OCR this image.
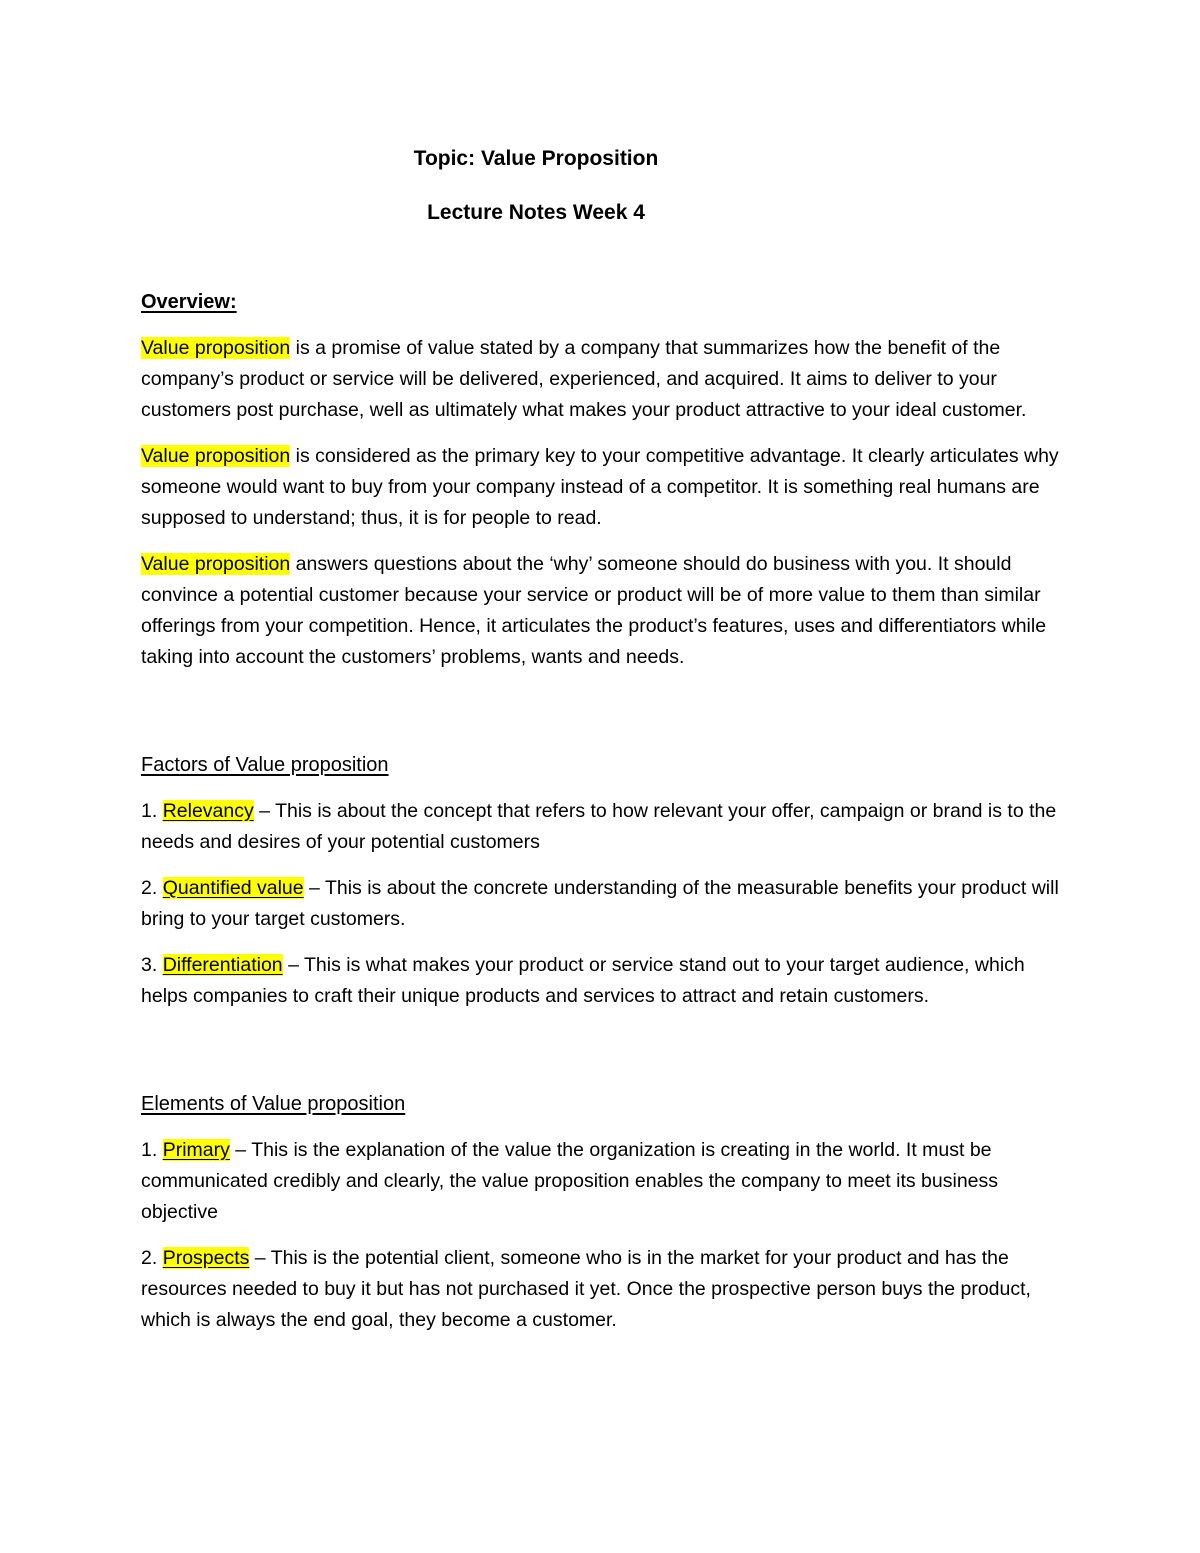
Topic: Value Proposition

Lecture Notes Week 4

Overview:

Value proposition is a promise of value stated by a company that summarizes how the benefit of the company’s product or service will be delivered, experienced, and acquired. It aims to deliver to your customers post purchase, well as ultimately what makes your product attractive to your ideal customer.

Value proposition is considered as the primary key to your competitive advantage. It clearly articulates why someone would want to buy from your company instead of a competitor. It is something real humans are supposed to understand; thus, it is for people to read.

Value proposition answers questions about the ‘why’ someone should do business with you. It should convince a potential customer because your service or product will be of more value to them than similar offerings from your competition. Hence, it articulates the product’s features, uses and differentiators while taking into account the customers’ problems, wants and needs.

Factors of Value proposition

1. Relevancy – This is about the concept that refers to how relevant your offer, campaign or brand is to the needs and desires of your potential customers

2. Quantified value – This is about the concrete understanding of the measurable benefits your product will bring to your target customers.

3. Differentiation – This is what makes your product or service stand out to your target audience, which helps companies to craft their unique products and services to attract and retain customers.

Elements of Value proposition

1. Primary – This is the explanation of the value the organization is creating in the world. It must be communicated credibly and clearly, the value proposition enables the company to meet its business objective

2. Prospects – This is the potential client, someone who is in the market for your product and has the resources needed to buy it but has not purchased it yet. Once the prospective person buys the product, which is always the end goal, they become a customer.
